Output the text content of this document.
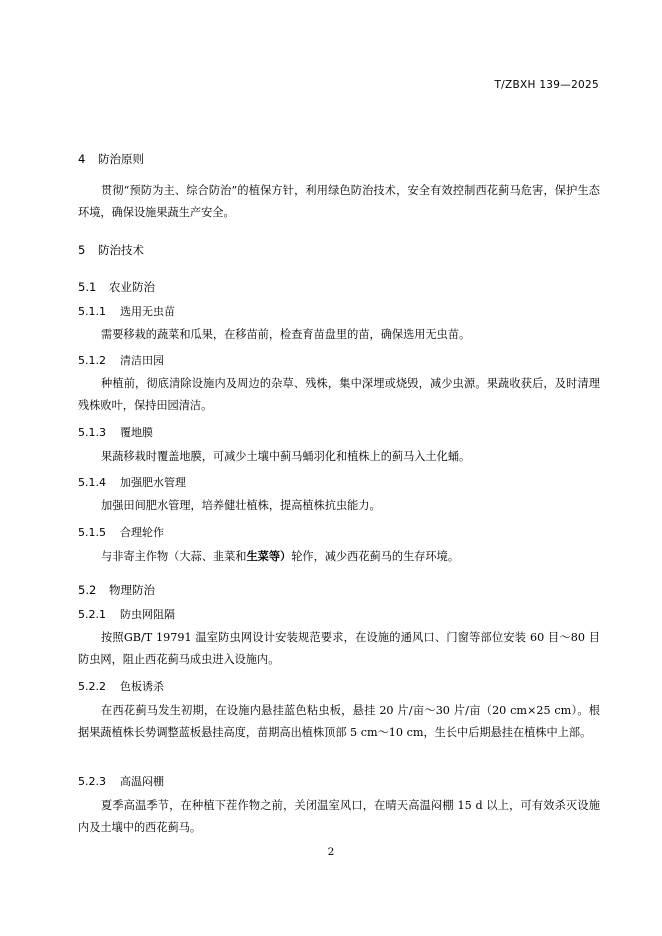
T/ZBXH 139—2025
4 防治原则
贯彻“预防为主、综合防治”的植保方针，利用绿色防治技术，安全有效控制西花蓟马危害，保护生态环境，确保设施果蔬生产安全。
5 防治技术
5.1 农业防治
5.1.1 选用无虫苗
需要移栽的蔬菜和瓜果，在移苗前，检查育苗盘里的苗，确保选用无虫苗。
5.1.2 清洁田园
种植前，彻底清除设施内及周边的杂草、残株，集中深埋或烧毁，减少虫源。果蔬收获后，及时清理残株败叶，保持田园清洁。
5.1.3 覆地膜
果蔬移栽时覆盖地膜，可减少土壤中蓟马蛹羽化和植株上的蓟马入土化蛹。
5.1.4 加强肥水管理
加强田间肥水管理，培养健壮植株，提高植株抗虫能力。
5.1.5 合理轮作
与非寄主作物（大蒜、韭菜和生菜等）轮作，减少西花蓟马的生存环境。
5.2 物理防治
5.2.1 防虫网阻隔
按照GB/T 19791 温室防虫网设计安装规范要求，在设施的通风口、门窗等部位安装 60 目～80 目防虫网，阻止西花蓟马成虫进入设施内。
5.2.2 色板诱杀
在西花蓟马发生初期，在设施内悬挂蓝色粘虫板，悬挂 20 片/亩～30 片/亩（20 cm×25 cm）。根据果蔬植株长势调整蓝板悬挂高度，苗期高出植株顶部 5 cm～10 cm，生长中后期悬挂在植株中上部。
5.2.3 高温闷棚
夏季高温季节，在种植下茬作物之前，关闭温室风口，在晴天高温闷棚 15 d 以上，可有效杀灭设施内及土壤中的西花蓟马。
2
